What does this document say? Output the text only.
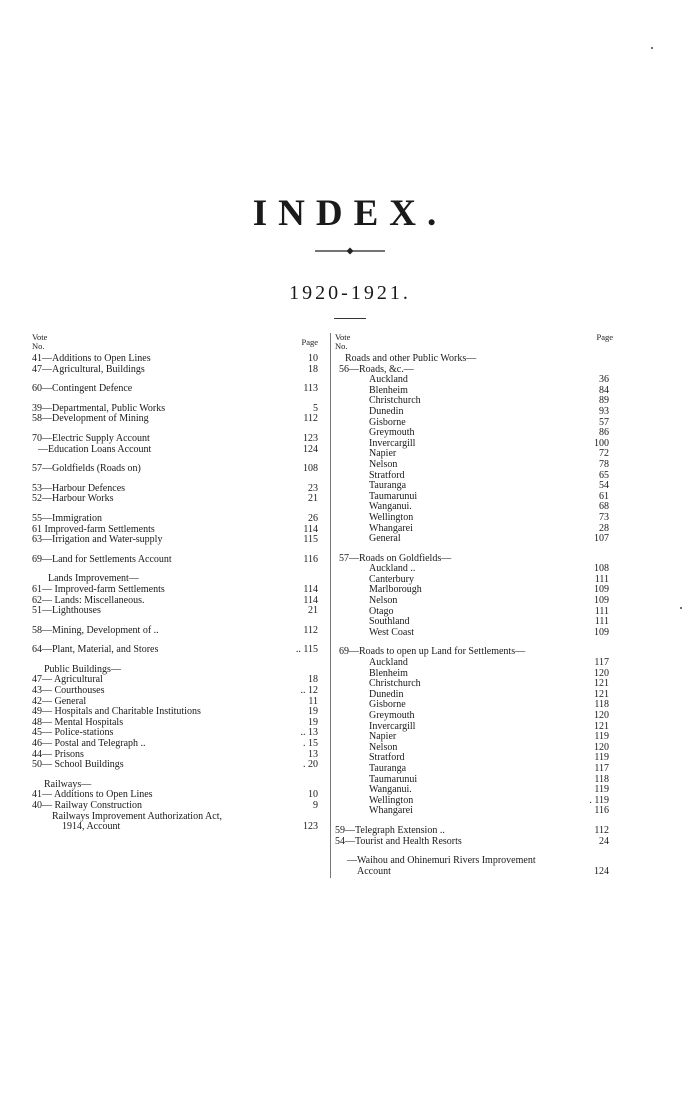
INDEX.
1920-1921.
Vote No.	Page
41—Additions to Open Lines	10
47—Agricultural, Buildings	18
60—Contingent Defence	113
39—Departmental, Public Works	5
58—Development of Mining	112
70—Electric Supply Account	123
—Education Loans Account	124
57—Goldfields (Roads on)	108
53—Harbour Defences	23
52—Harbour Works	21
55—Immigration	26
61 Improved-farm Settlements	114
63—Irrigation and Water-supply	115
69—Land for Settlements Account	116
Lands Improvement—
61— Improved-farm Settlements	114
62— Lands: Miscellaneous.	114
51—Lighthouses	21
58—Mining, Development of ..	112
64—Plant, Material, and Stores	.. 115
Public Buildings—
47— Agricultural	18
43— Courthouses	.. 12
42— General	11
49— Hospitals and Charitable Institutions	19
48— Mental Hospitals	19
45— Police-stations	.. 13
46— Postal and Telegraph ..	. 15
44— Prisons	13
50— School Buildings	. 20
Railways—
41— Additions to Open Lines	10
40— Railway Construction	9
Railways Improvement Authorization Act,
1914, Account	123
Vote No.
Page
Roads and other Public Works—
56—Roads, &c.—
Auckland	36
Blenheim	84
Christchurch	89
Dunedin	93
Gisborne	57
Greymouth	86
Invercargill	100
Napier	72
Nelson	78
Stratford	65
Tauranga	54
Taumarunui	61
Wanganui.	68
Wellington	73
Whangarei	28
General	107
57—Roads on Goldfields—
Auckland ..	108
Canterbury	111
Marlborough	109
Nelson	109
Otago	111
Southland	111
West Coast	109
69—Roads to open up Land for Settlements—
Auckland	117
Blenheim	120
Christchurch	121
Dunedin	121
Gisborne	118
Greymouth	120
Invercargill	121
Napier	119
Nelson	120
Stratford	119
Tauranga	117
Taumarunui	118
Wanganui.	119
Wellington	. 119
Whangarei	116
59—Telegraph Extension ..	112
54—Tourist and Health Resorts	24
—Waihou and Ohinemuri Rivers Improvement
Account	124
